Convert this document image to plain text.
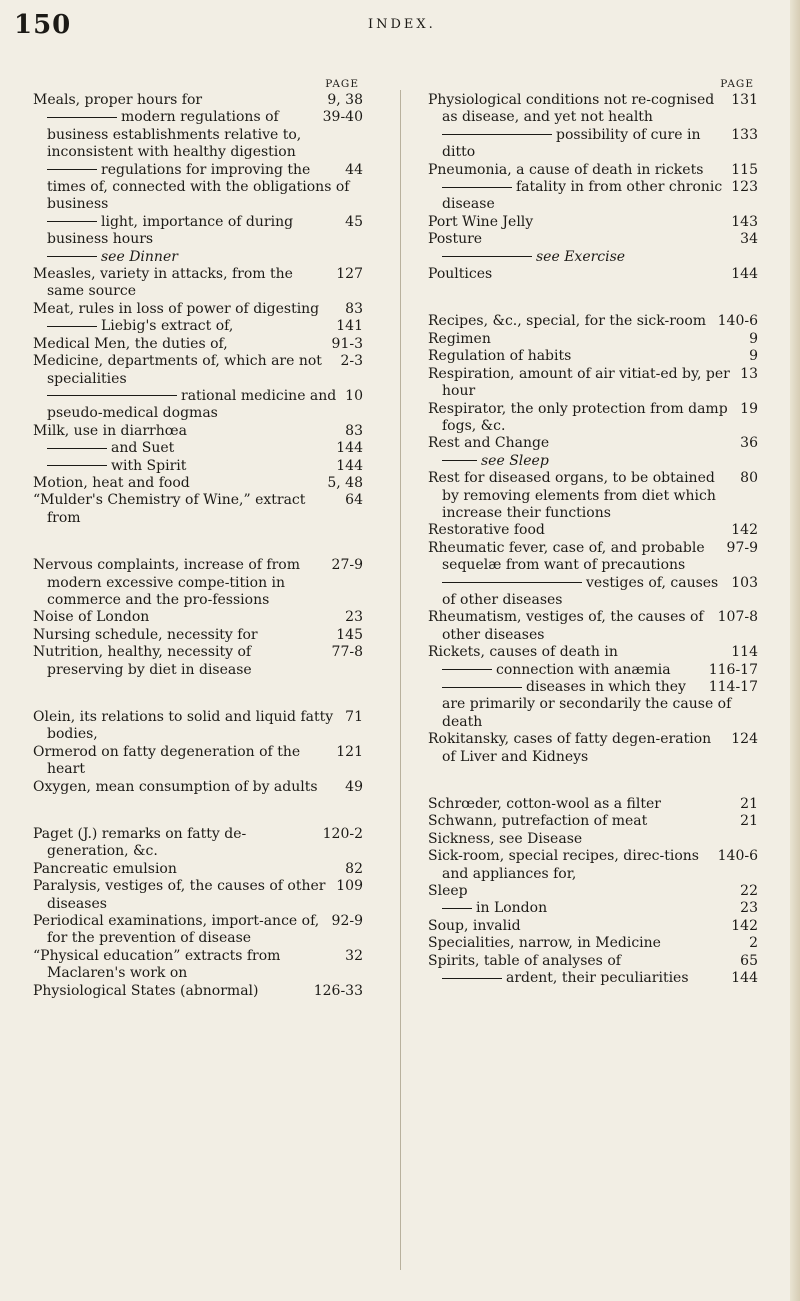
150	INDEX.
PAGE
9, 38
Meals, proper hours for
39-40
modern regulations of business establishments relative to, inconsistent with healthy digestion
44
regulations for improving the times of, connected with the obligations of business
45
light, importance of during business hours
see Dinner
127
Measles, variety in attacks, from the same source
83
Meat, rules in loss of power of digesting
141
Liebig's extract of,
91-3
Medical Men, the duties of,
2-3
Medicine, departments of, which are not specialities
10
rational medicine and pseudo-medical dogmas
83
Milk, use in diarrhœa
144
and Suet
144
with Spirit
5, 48
Motion, heat and food
64
“Mulder's Chemistry of Wine,” extract from
27-9
Nervous complaints, increase of from modern excessive compe-tition in commerce and the pro-fessions
23
Noise of London
145
Nursing schedule, necessity for
77-8
Nutrition, healthy, necessity of preserving by diet in disease
71
Olein, its relations to solid and liquid fatty bodies,
121
Ormerod on fatty degeneration of the heart
49
Oxygen, mean consumption of by adults
120-2
Paget (J.) remarks on fatty de-generation, &c.
82
Pancreatic emulsion
109
Paralysis, vestiges of, the causes of other diseases
92-9
Periodical examinations, import-ance of, for the prevention of disease
32
“Physical education” extracts from Maclaren's work on
126-33
Physiological States (abnormal)
PAGE
131
Physiological conditions not re-cognised as disease, and yet not health
133
possibility of cure in ditto
115
Pneumonia, a cause of death in rickets
123
fatality in from other chronic disease
143
Port Wine Jelly
34
Posture
see Exercise
144
Poultices
140-6
Recipes, &c., special, for the sick-room
9
Regimen
9
Regulation of habits
13
Respiration, amount of air vitiat-ed by, per hour
19
Respirator, the only protection from damp fogs, &c.
36
Rest and Change
see Sleep
80
Rest for diseased organs, to be obtained by removing elements from diet which increase their functions
142
Restorative food
97-9
Rheumatic fever, case of, and probable sequelæ from want of precautions
103
vestiges of, causes of other diseases
107-8
Rheumatism, vestiges of, the causes of other diseases
114
Rickets, causes of death in
116-17
connection with anæmia
114-17
diseases in which they are primarily or secondarily the cause of death
124
Rokitansky, cases of fatty degen-eration of Liver and Kidneys
21
Schrœder, cotton-wool as a filter
21
Schwann, putrefaction of meat
Sickness, see Disease
140-6
Sick-room, special recipes, direc-tions and appliances for,
22
Sleep
23
in London
142
Soup, invalid
2
Specialities, narrow, in Medicine
65
Spirits, table of analyses of
144
ardent, their peculiarities
